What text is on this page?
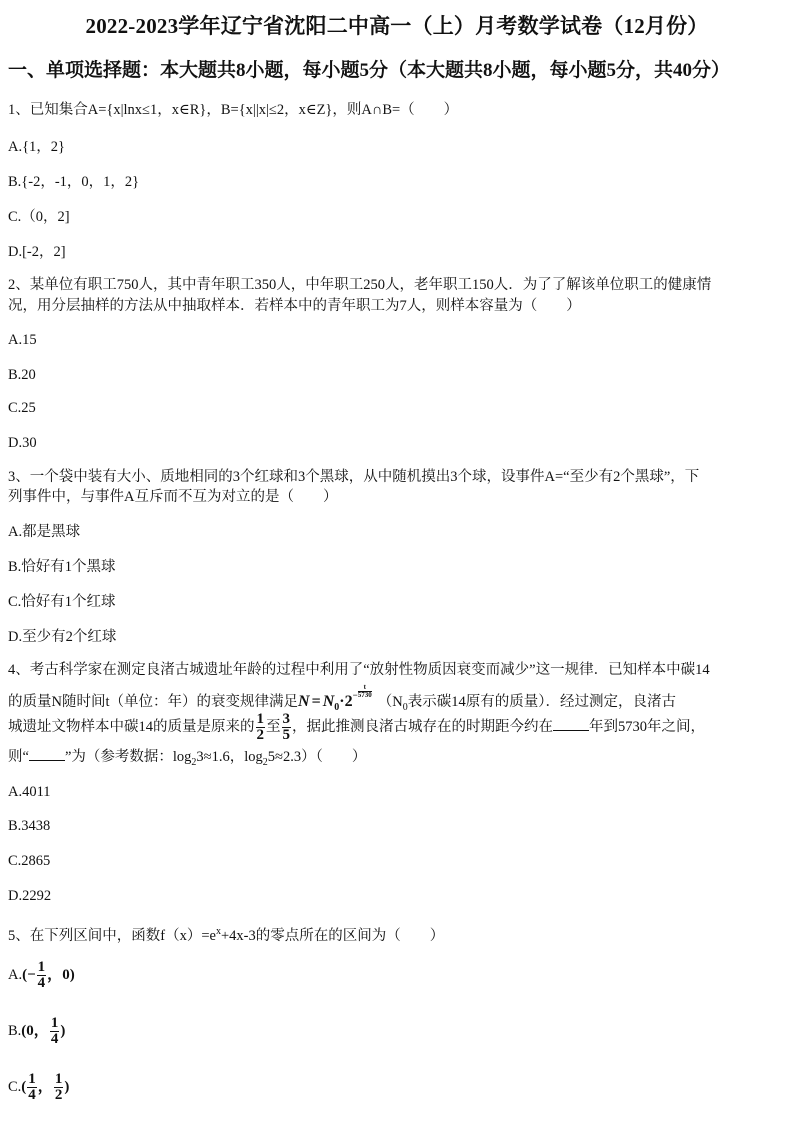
2022-2023学年辽宁省沈阳二中高一（上）月考数学试卷（12月份）
一、单项选择题：本大题共8小题，每小题5分（本大题共8小题，每小题5分，共40分）
1、已知集合A={x|lnx≤1，x∈R}，B={x||x|≤2，x∈Z}，则A∩B=（　　）
A.{1，2}
B.{-2，-1，0，1，2}
C.（0，2]
D.[-2，2]
2、某单位有职工750人，其中青年职工350人，中年职工250人，老年职工150人．为了了解该单位职工的健康情
况，用分层抽样的方法从中抽取样本．若样本中的青年职工为7人，则样本容量为（　　）
A.15
B.20
C.25
D.30
3、一个袋中装有大小、质地相同的3个红球和3个黑球，从中随机摸出3个球，设事件A=“至少有2个黑球”，下
列事件中，与事件A互斥而不互为对立的是（　　）
A.都是黑球
B.恰好有1个黑球
C.恰好有1个红球
D.至少有2个红球
4、考古科学家在测定良渚古城遗址年龄的过程中利用了“放射性物质因衰变而减少”这一规律．已知样本中碳14
的质量N随时间t（单位：年）的衰变规律满足$N = N_0\cdot 2^- \frac{t}{5730}$
（$N_0$表示碳14原有的质量）．经过测定，良渚古
城遗址文物样本中碳14的质量是原来的 $\frac{1}{2}$ 至 $\frac{3}{5}$ ，据此推测良渚古城存在的时期距今约在 年到5730年之间，
则“ ”为（参考数据：$\log_23\approx 1.6$，$\log_25\approx 2.3$）（　　）
A.4011
B.3438
C.2865
D.2292
5、在下列区间中，函数$f(x)=e^x+4x-3$的零点所在的区间为（　　）
$A.(- \frac{1}{4}$ ，0)
B.(0， $\frac{1}{4}$ )
$C.( \frac{1}{4}$ ， $\frac{1}{2}$ )
